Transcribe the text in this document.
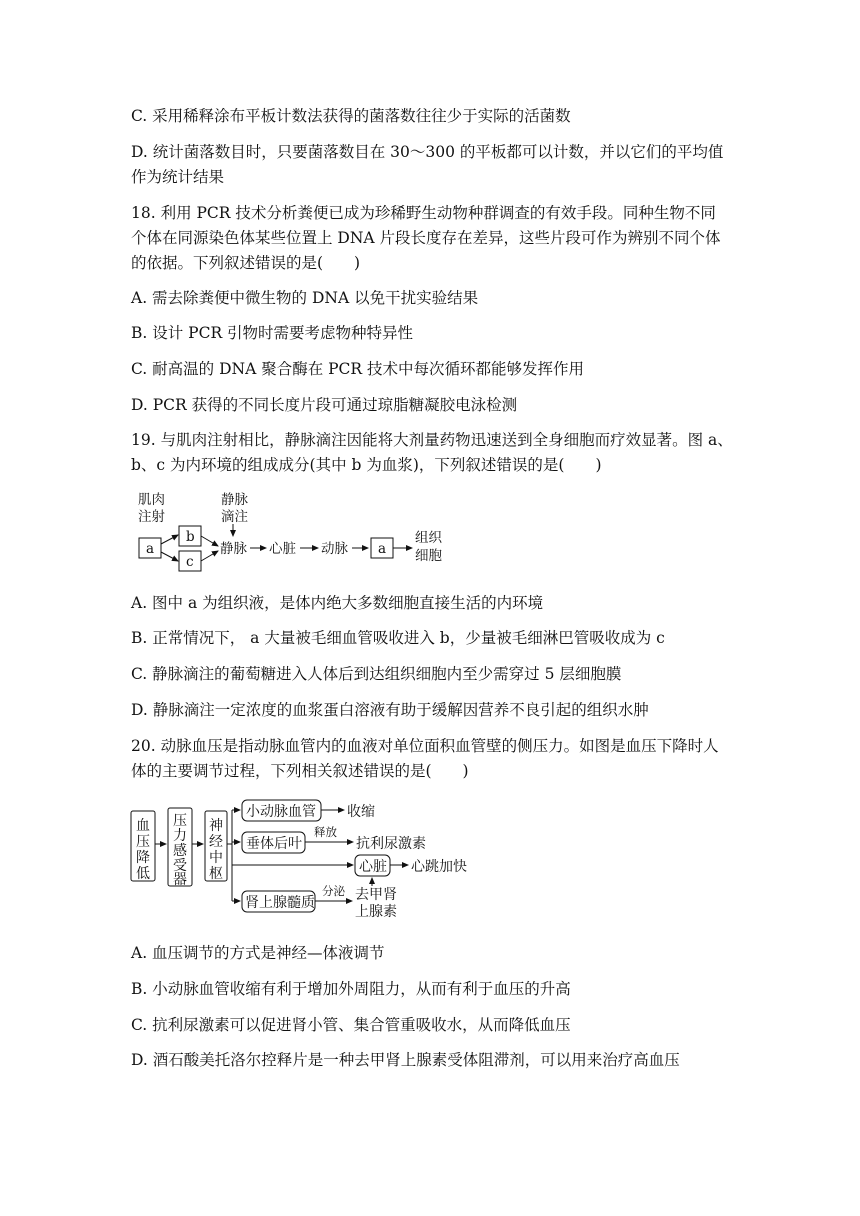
C. 采用稀释涂布平板计数法获得的菌落数往往少于实际的活菌数
D. 统计菌落数目时，只要菌落数目在 30～300 的平板都可以计数，并以它们的平均值
作为统计结果
18. 利用 PCR 技术分析粪便已成为珍稀野生动物种群调查的有效手段。同种生物不同
个体在同源染色体某些位置上 DNA 片段长度存在差异，这些片段可作为辨别不同个体
的依据。下列叙述错误的是(　　)
A. 需去除粪便中微生物的 DNA 以免干扰实验结果
B. 设计 PCR 引物时需要考虑物种特异性
C. 耐高温的 DNA 聚合酶在 PCR 技术中每次循环都能够发挥作用
D. PCR 获得的不同长度片段可通过琼脂糖凝胶电泳检测
19. 与肌肉注射相比，静脉滴注因能将大剂量药物迅速送到全身细胞而疗效显著。图 a、
b、c 为内环境的组成成分(其中 b 为血浆)，下列叙述错误的是(　　)
肌肉
注射
静脉
滴注
a
b
c
静脉 心脏 动脉 a
组织
细胞
A. 图中 a 为组织液，是体内绝大多数细胞直接生活的内环境
B. 正常情况下， a 大量被毛细血管吸收进入 b，少量被毛细淋巴管吸收成为 c
C. 静脉滴注的葡萄糖进入人体后到达组织细胞内至少需穿过 5 层细胞膜
D. 静脉滴注一定浓度的血浆蛋白溶液有助于缓解因营养不良引起的组织水肿
20. 动脉血压是指动脉血管内的血液对单位面积血管壁的侧压力。如图是血压下降时人
体的主要调节过程，下列相关叙述错误的是(　　)
血
压
降
低
压
力
感
受
器
神
经
中
枢
小动脉血管 收缩
垂体后叶
释放
抗利尿激素
心脏 心跳加快
肾上腺髓质
分泌 去甲肾
上腺素
A. 血压调节的方式是神经—体液调节
B. 小动脉血管收缩有利于增加外周阻力，从而有利于血压的升高
C. 抗利尿激素可以促进肾小管、集合管重吸收水，从而降低血压
D. 酒石酸美托洛尔控释片是一种去甲肾上腺素受体阻滞剂，可以用来治疗高血压
